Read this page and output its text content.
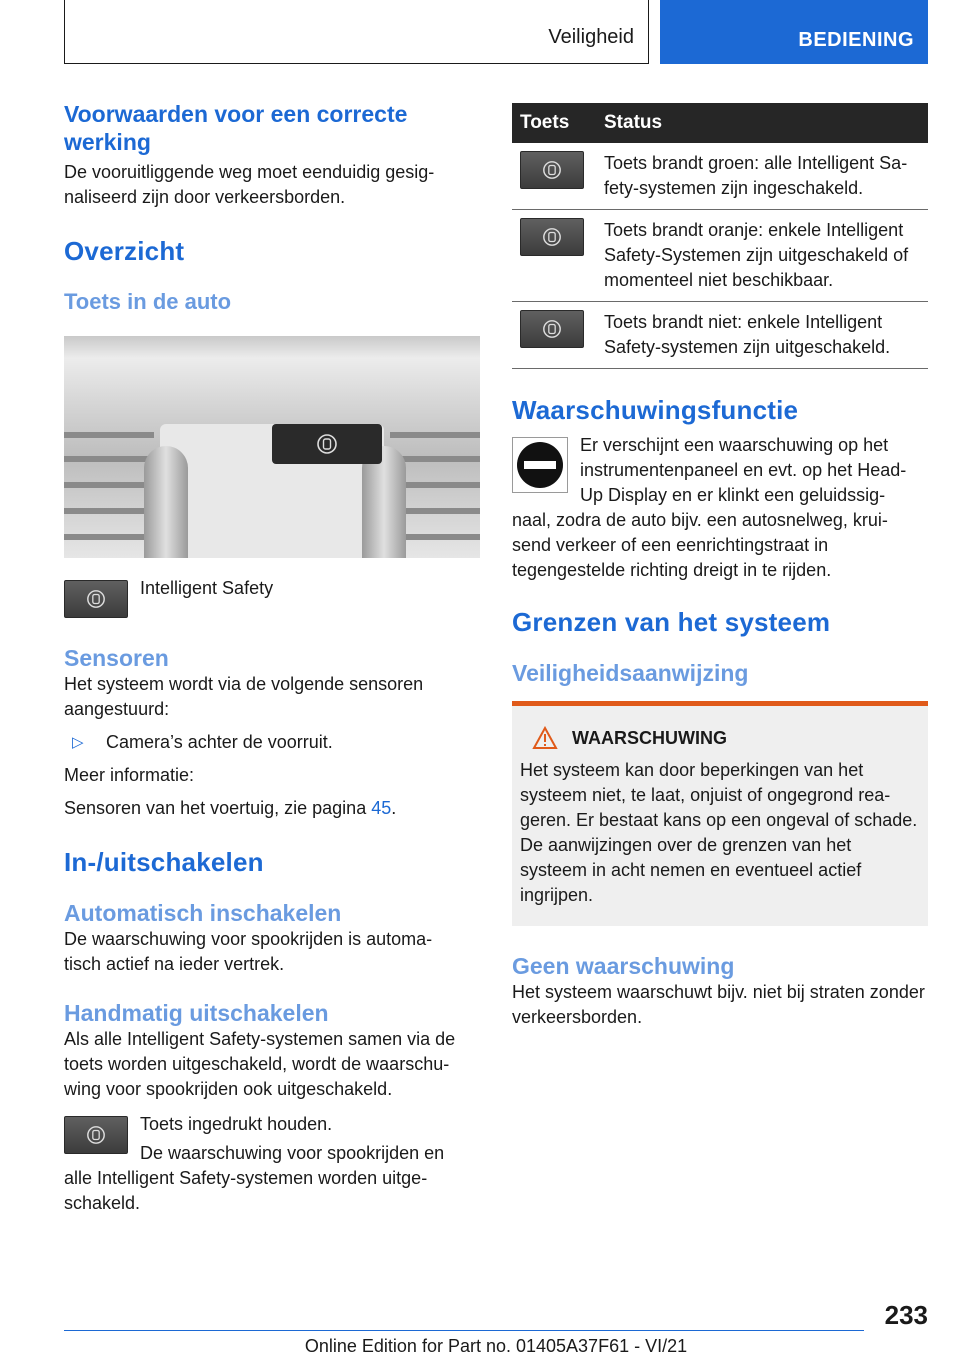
Veiligheid	BEDIENING
Voorwaarden voor een correcte werking

De vooruitliggende weg moet eenduidig gesig- naliseerd zijn door verkeersborden.

Overzicht
Toets in de auto

Intelligent Safety

Sensoren

Het systeem wordt via de volgende sensoren aangestuurd:

▷	Camera’s achter de voorruit.

Meer informatie:

Sensoren van het voertuig, zie pagina 45.

In-/uitschakelen
Automatisch inschakelen

De waarschuwing voor spookrijden is automa- tisch actief na ieder vertrek.

Handmatig uitschakelen

Als alle Intelligent Safety-systemen samen via de toets worden uitgeschakeld, wordt de waarschu- wing voor spookrijden ook uitgeschakeld.

Toets ingedrukt houden.

De waarschuwing voor spookrijden en

alle Intelligent Safety-systemen worden uitge- schakeld.

Toets	Status

	Toets brandt groen: alle Intelligent Sa- fety-systemen zijn ingeschakeld.

	Toets brandt oranje: enkele Intelligent Safety-Systemen zijn uitgeschakeld of momenteel niet beschikbaar.

	Toets brandt niet: enkele Intelligent Safety-systemen zijn uitgeschakeld.
Waarschuwingsfunctie

Er verschijnt een waarschuwing op het instrumentenpaneel en evt. op het Head- Up Display en er klinkt een geluidssig- naal, zodra de auto bijv. een autosnelweg, krui- send verkeer of een eenrichtingstraat in tegengestelde richting dreigt in te rijden.

Grenzen van het systeem
Veiligheidsaanwijzing
WAARSCHUWING

Het systeem kan door beperkingen van het systeem niet, te laat, onjuist of ongegrond rea- geren. Er bestaat kans op een ongeval of schade. De aanwijzingen over de grenzen van het systeem in acht nemen en eventueel actief ingrijpen.

Geen waarschuwing

Het systeem waarschuwt bijv. niet bij straten zonder verkeersborden.

233
Online Edition for Part no. 01405A37F61 - VI/21
